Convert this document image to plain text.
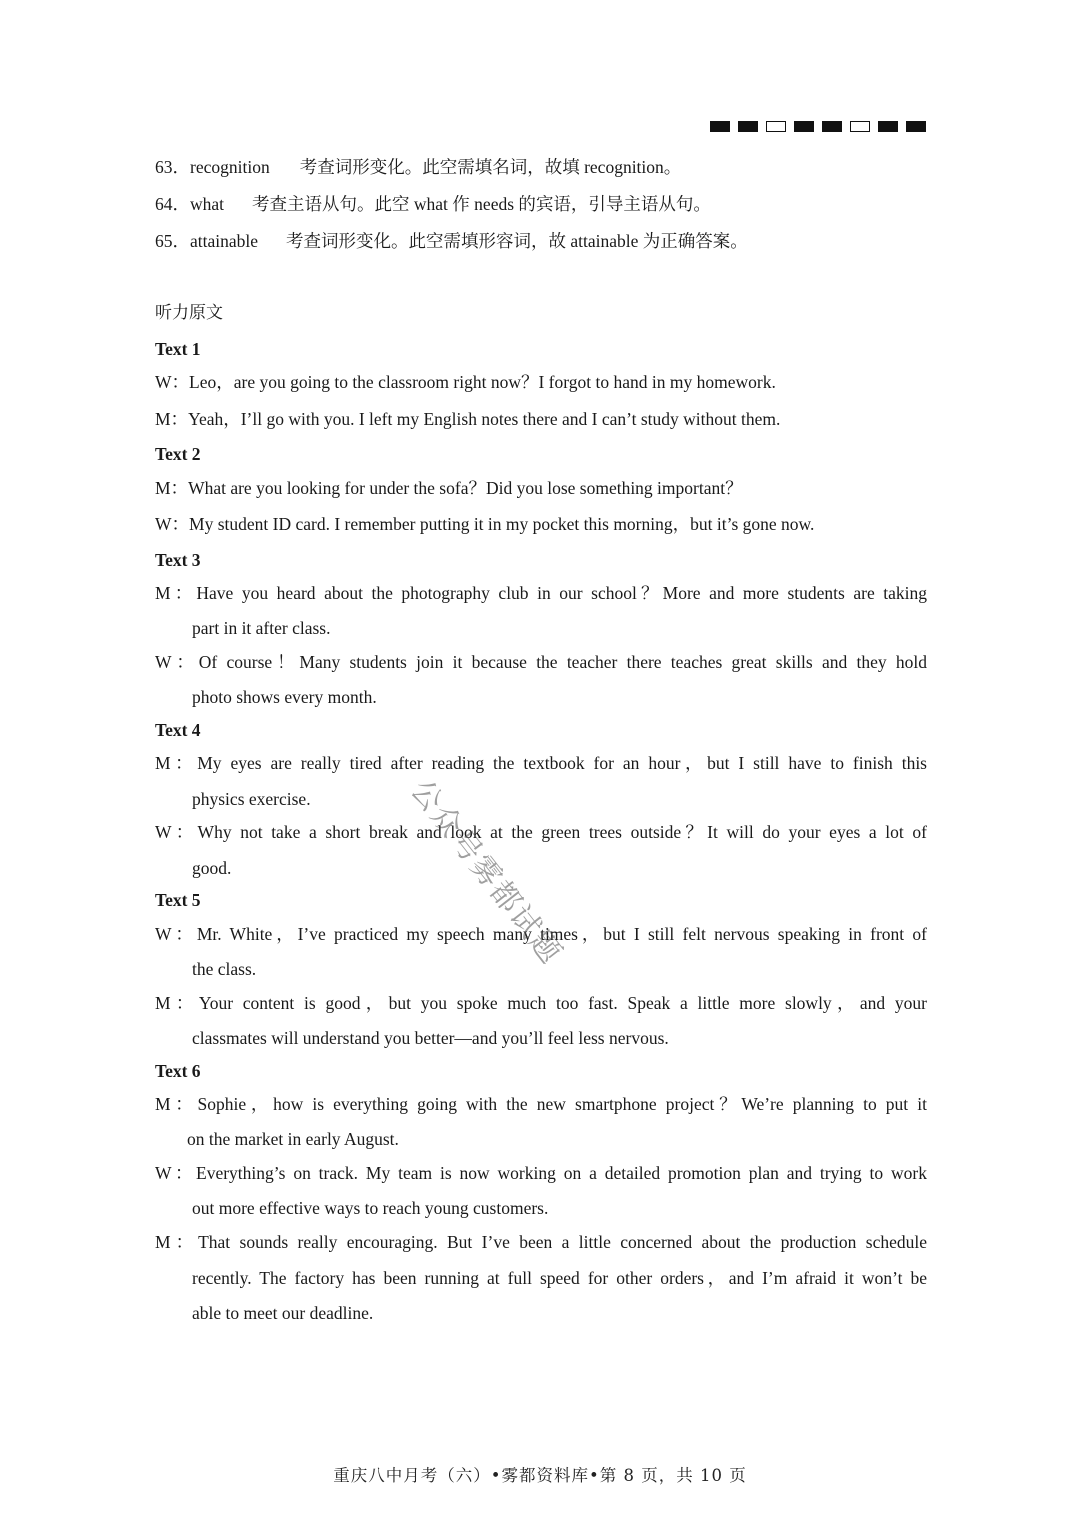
63．recognition 考查词形变化。此空需填名词，故填 recognition。
64．what 考查主语从句。此空 what 作 needs 的宾语，引导主语从句。
65．attainable 考查词形变化。此空需填形容词，故 attainable 为正确答案。
听力原文
Text 1
W：Leo，are you going to the classroom right now？I forgot to hand in my homework.
M：Yeah，I’ll go with you. I left my English notes there and I can’t study without them.
Text 2
M：What are you looking for under the sofa？Did you lose something important？
W：My student ID card. I remember putting it in my pocket this morning，but it’s gone now.
Text 3
M：Have you heard about the photography club in our school？More and more students are taking
part in it after class.
W：Of course！Many students join it because the teacher there teaches great skills and they hold
photo shows every month.
Text 4
M：My eyes are really tired after reading the textbook for an hour，but I still have to finish this
physics exercise.
W：Why not take a short break and look at the green trees outside？It will do your eyes a lot of
good.
Text 5
W：Mr. White，I’ve practiced my speech many times，but I still felt nervous speaking in front of
the class.
M：Your content is good，but you spoke much too fast. Speak a little more slowly，and your
classmates will understand you better—and you’ll feel less nervous.
Text 6
M：Sophie，how is everything going with the new smartphone project？We’re planning to put it
on the market in early August.
W：Everything’s on track. My team is now working on a detailed promotion plan and trying to work
out more effective ways to reach young customers.
M：That sounds really encouraging. But I’ve been a little concerned about the production schedule
recently. The factory has been running at full speed for other orders，and I’m afraid it won’t be
able to meet our deadline.
公众号雾都试题
重庆八中月考（六）•雾都资料库•第 8 页，共 10 页
